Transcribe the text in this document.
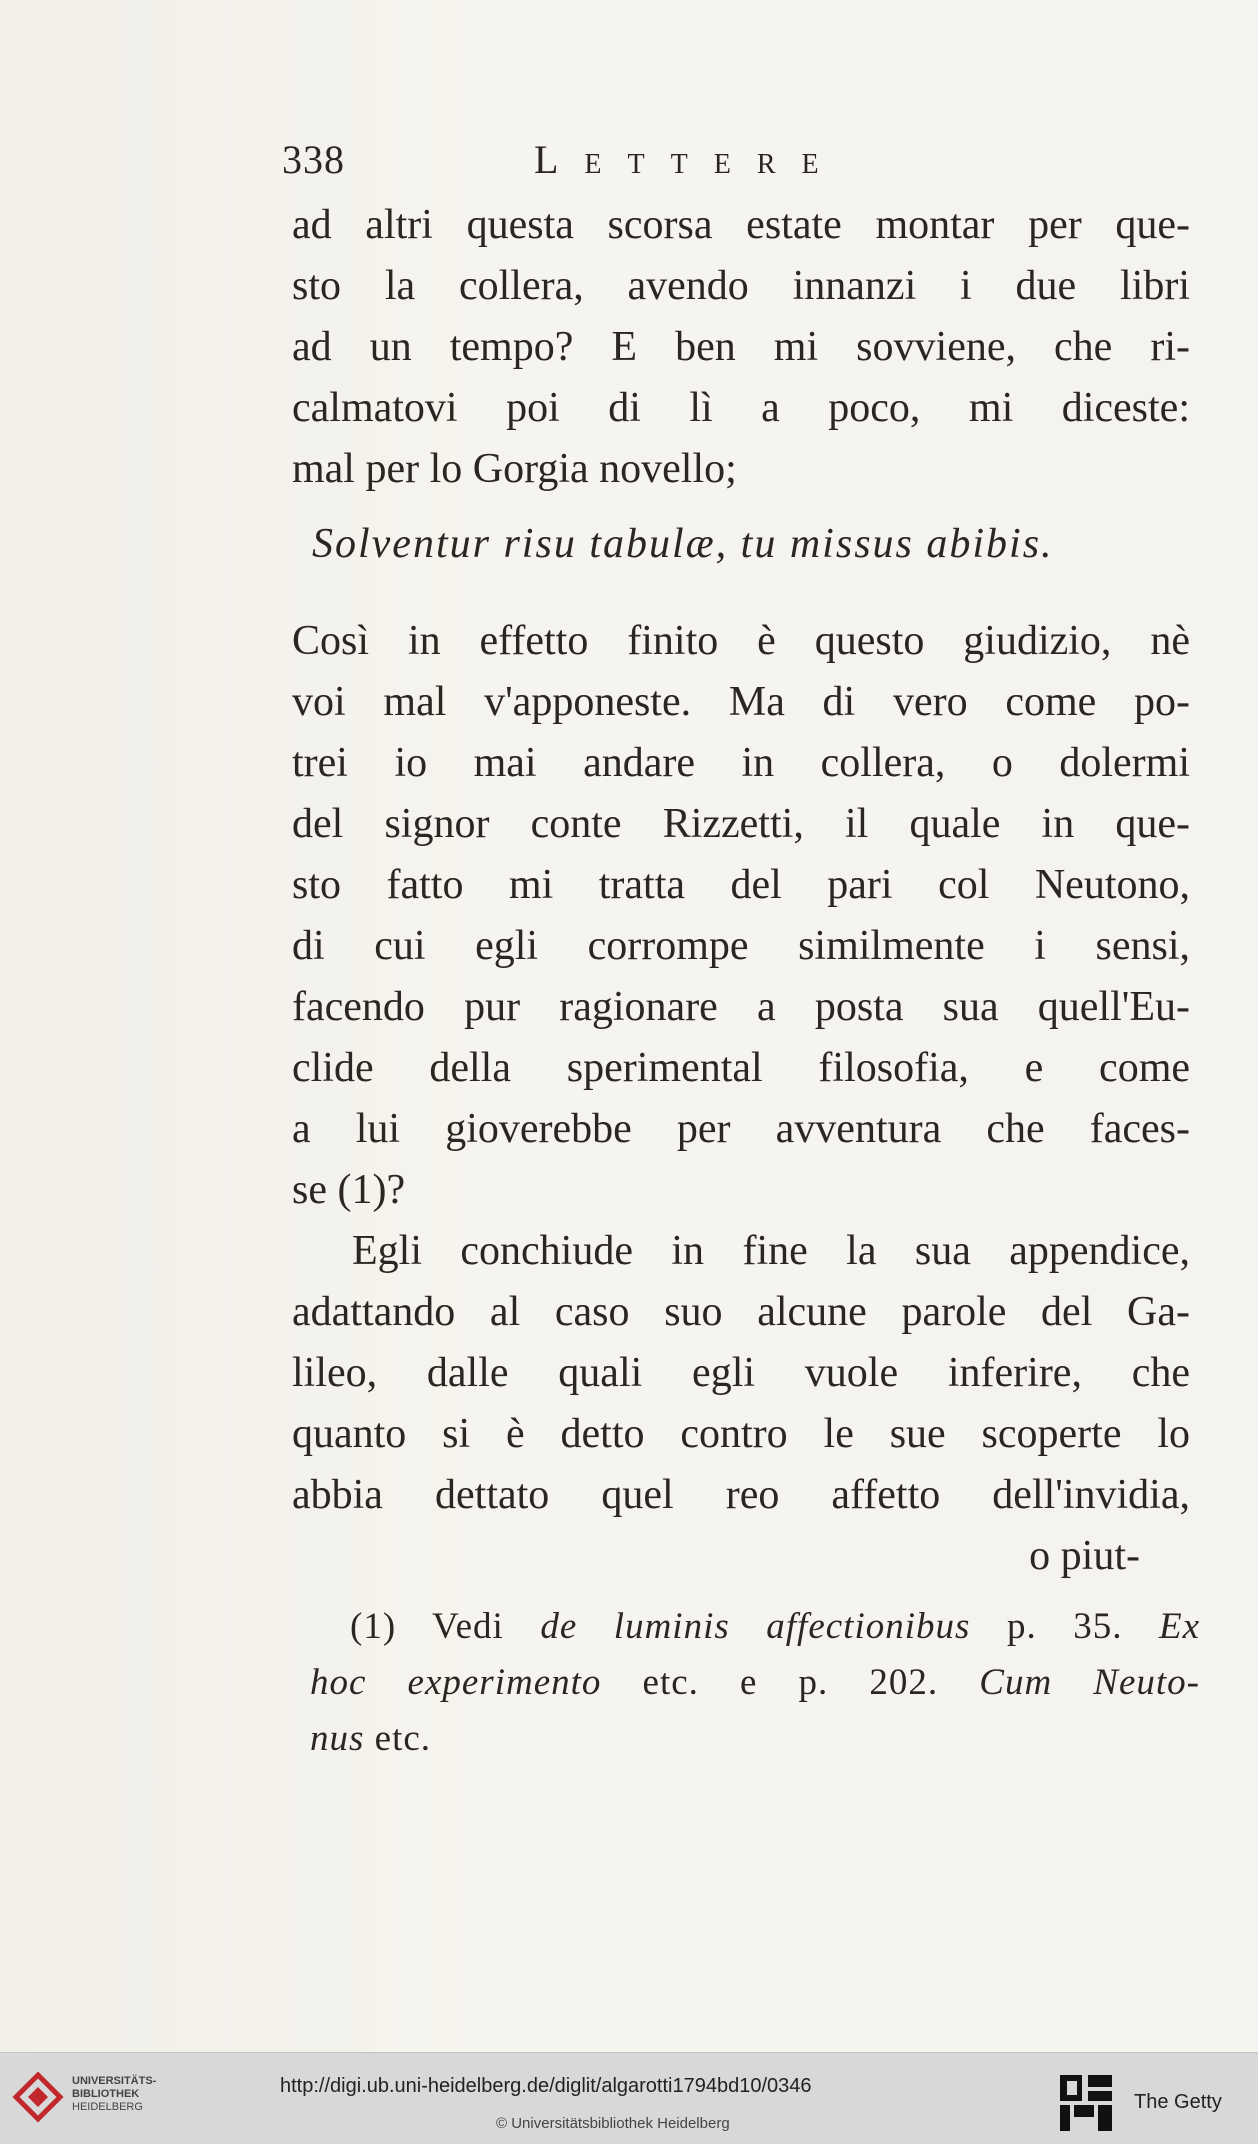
338	Lettere
ad altri questa scorsa estate montar per que-
sto la collera, avendo innanzi i due libri
ad un tempo? E ben mi sovviene, che ri-
calmatovi poi di lì a poco, mi diceste:
mal per lo Gorgia novello;
Solventur risu tabulæ, tu missus abibis.
Così in effetto finito è questo giudizio, nè
voi mal v'apponeste. Ma di vero come po-
trei io mai andare in collera, o dolermi
del signor conte Rizzetti, il quale in que-
sto fatto mi tratta del pari col Neutono,
di cui egli corrompe similmente i sensi,
facendo pur ragionare a posta sua quell'Eu-
clide della sperimental filosofia, e come
a lui gioverebbe per avventura che faces-
se (1)?
Egli conchiude in fine la sua appendice,
adattando al caso suo alcune parole del Ga-
lileo, dalle quali egli vuole inferire, che
quanto si è detto contro le sue scoperte lo
abbia dettato quel reo affetto dell'invidia,
o piut-
(1) Vedi de luminis affectionibus p. 35. Ex
hoc experimento etc. e p. 202. Cum Neuto-
nus etc.
UNIVERSITÄTS-
BIBLIOTHEK
HEIDELBERG
http://digi.ub.uni-heidelberg.de/diglit/algarotti1794bd10/0346
© Universitätsbibliothek Heidelberg
The Getty
